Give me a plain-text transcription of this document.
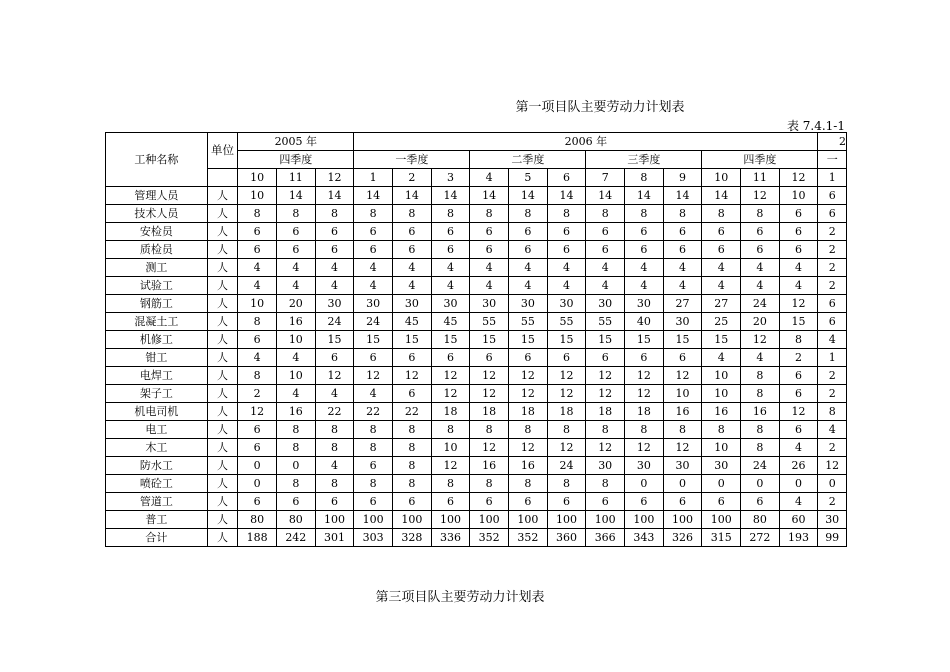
第一项目队主要劳动力计划表
表 7.4.1-1
工种名称	单位	2005 年			2006 年												2
		四季度			一季度			二季度			三季度			四季度			一
		10	11	12	1	2	3	4	5	6	7	8	9	10	11	12	1
管理人员	人	10	14	14	14	14	14	14	14	14	14	14	14	14	12	10	6
技术人员	人	8	8	8	8	8	8	8	8	8	8	8	8	8	8	6	6
安检员	人	6	6	6	6	6	6	6	6	6	6	6	6	6	6	6	2
质检员	人	6	6	6	6	6	6	6	6	6	6	6	6	6	6	6	2
测工	人	4	4	4	4	4	4	4	4	4	4	4	4	4	4	4	2
试验工	人	4	4	4	4	4	4	4	4	4	4	4	4	4	4	4	2
钢筋工	人	10	20	30	30	30	30	30	30	30	30	30	27	27	24	12	6
混凝土工	人	8	16	24	24	45	45	55	55	55	55	40	30	25	20	15	6
机修工	人	6	10	15	15	15	15	15	15	15	15	15	15	15	12	8	4
钳工	人	4	4	6	6	6	6	6	6	6	6	6	6	4	4	2	1
电焊工	人	8	10	12	12	12	12	12	12	12	12	12	12	10	8	6	2
架子工	人	2	4	4	4	6	12	12	12	12	12	12	10	10	8	6	2
机电司机	人	12	16	22	22	22	18	18	18	18	18	18	16	16	16	12	8
电工	人	6	8	8	8	8	8	8	8	8	8	8	8	8	8	6	4
木工	人	6	8	8	8	8	10	12	12	12	12	12	12	10	8	4	2
防水工	人	0	0	4	6	8	12	16	16	24	30	30	30	30	24	26	12
喷砼工	人	0	8	8	8	8	8	8	8	8	8	0	0	0	0	0	0
管道工	人	6	6	6	6	6	6	6	6	6	6	6	6	6	6	4	2
普工	人	80	80	100	100	100	100	100	100	100	100	100	100	100	80	60	30
合计	人	188	242	301	303	328	336	352	352	360	366	343	326	315	272	193	99
第三项目队主要劳动力计划表
